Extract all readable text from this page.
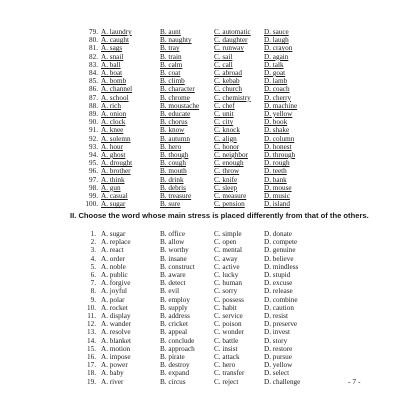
79. A. laundry	B. aunt	C. automatic	D. sauce
80. A. caught	B. naughty	C. daughter	D. laugh
81. A. sags	B. tray	C. runway	D. crayon
82. A. snail	B. train	C. sail	D. again
83. A. ball	B. calm	C. call	D. talk
84. A. boat	B. coat	C. abroad	D. goat
85. A. bomb	B. climb	C. kebab	D. lamb
86. A. channel	B. character	C. church	D. coach
87. A. school	B. chrome	C. chemistry	D. cherry
88. A. rich	B. moustache	C. chef	D. machine
89. A. onion	B. educate	C. unit	D. yellow
90. A. clock	B. chorus	C. city	D. book
91. A. knee	B. know	C. knock	D. shake
92. A. solemn	B. autumn	C. align	D. column
93. A. hour	B. hero	C. honor	D. honest
94. A. ghost	B. though	C. neighbor	D. through
95. A. drought	B. cough	C. enough	D. rough
96. A. brother	B. mouth	C. throw	D. teeth
97. A. think	B. drink	C. knife	D. bank
98. A. gun	B. debris	C. sleep	D. mouse
99. A. casual	B. treasure	C. measure	D. music
100. A. sugar	B. sure	C. pension	D. island
II. Choose the word whose main stress is placed differently from that of the others.
1. A. sugar	B. office	C. simple	D. donate
2. A. replace	B. allow	C. open	D. compete
3. A. react	B. worthy	C. mental	D. genuine
4. A. order	B. insane	C. away	D. believe
5. A. noble	B. construct	C. active	D. mindless
6. A. public	B. aware	C. lucky	D. stupid
7. A. forgive	B. detect	C. human	D. excuse
8. A. joyful	B. evil	C. sorry	D. release
9. A. polar	B. employ	C. possess	D. combine
10. A. rocket	B. supply	C. habit	D. caution
11. A. display	B. address	C. service	D. resist
12. A. wander	B. cricket	C. poison	D. preserve
13. A. resolve	B. appeal	C. wonder	D. invest
14. A. blanket	B. conclude	C. battle	D. story
15. A. motion	B. approach	C. insist	D. restore
16. A. impose	B. pirate	C. attack	D. pursue
17. A. power	B. destroy	C. hero	D. yellow
18. A. baby	B. expand	C. transfer	D. select
19. A. river	B. circus	C. reject	D. challenge	- 7 -
